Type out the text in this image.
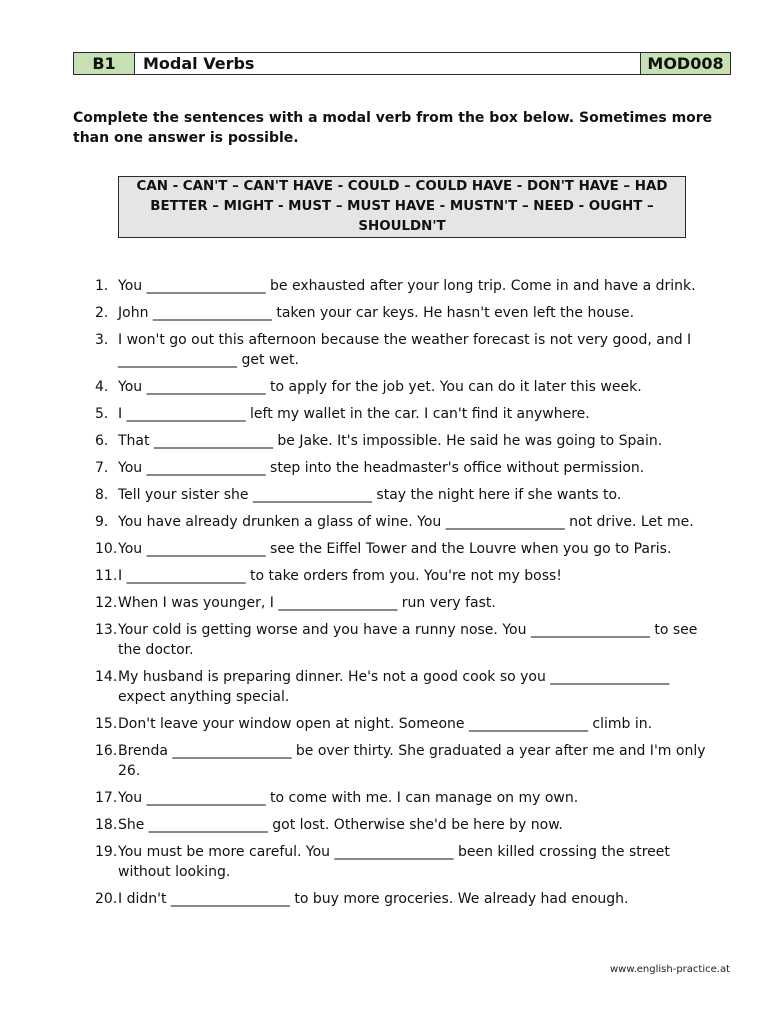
B1	Modal Verbs	MOD008
Complete the sentences with a modal verb from the box below. Sometimes more than one answer is possible.
CAN - CAN'T – CAN'T HAVE - COULD – COULD HAVE - DON'T HAVE – HAD BETTER – MIGHT - MUST – MUST HAVE - MUSTN'T – NEED - OUGHT – SHOULDN'T
1. You _________________ be exhausted after your long trip. Come in and have a drink.
2. John _________________ taken your car keys. He hasn't even left the house.
3. I won't go out this afternoon because the weather forecast is not very good, and I _________________ get wet.
4. You _________________ to apply for the job yet. You can do it later this week.
5. I _________________ left my wallet in the car. I can't find it anywhere.
6. That _________________ be Jake. It's impossible. He said he was going to Spain.
7. You _________________ step into the headmaster's office without permission.
8. Tell your sister she _________________ stay the night here if she wants to.
9. You have already drunken a glass of wine. You _________________ not drive. Let me.
10. You _________________ see the Eiffel Tower and the Louvre when you go to Paris.
11. I _________________ to take orders from you. You're not my boss!
12. When I was younger, I _________________ run very fast.
13. Your cold is getting worse and you have a runny nose. You _________________ to see the doctor.
14. My husband is preparing dinner. He's not a good cook so you _________________ expect anything special.
15. Don't leave your window open at night. Someone _________________ climb in.
16. Brenda _________________ be over thirty. She graduated a year after me and I'm only 26.
17. You _________________ to come with me. I can manage on my own.
18. She _________________ got lost. Otherwise she'd be here by now.
19. You must be more careful. You _________________ been killed crossing the street without looking.
20. I didn't _________________ to buy more groceries. We already had enough.
www.english-practice.at
